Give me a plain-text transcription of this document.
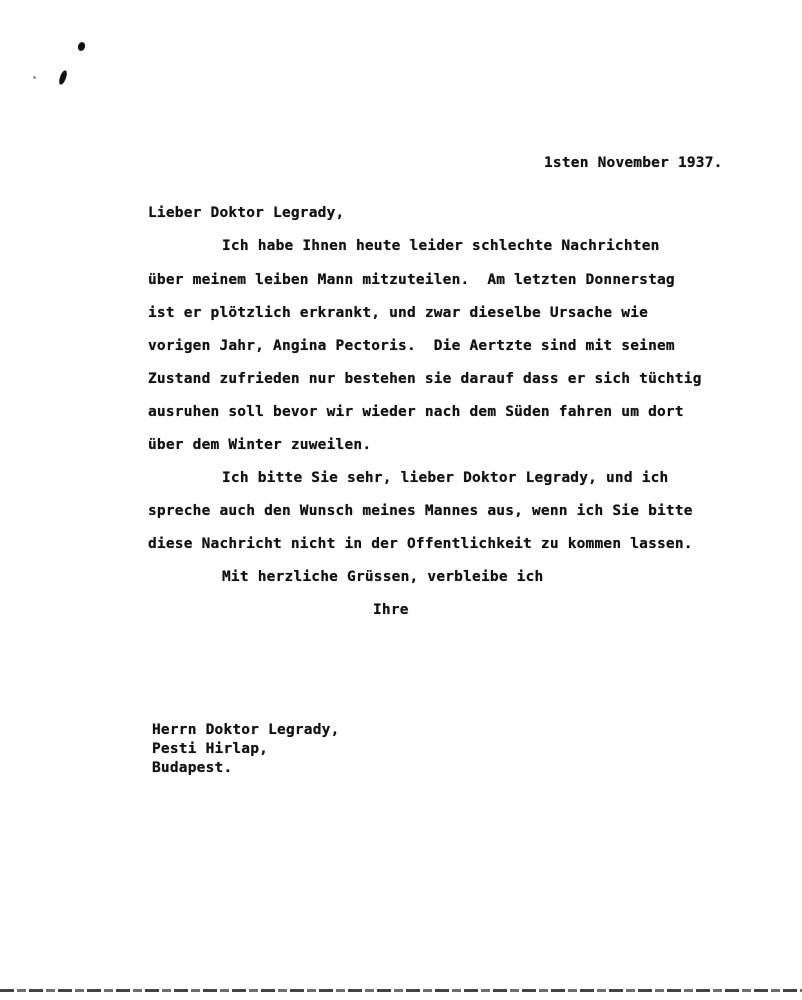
1sten November 1937.
Lieber Doktor Legrady,
Ich habe Ihnen heute leider schlechte Nachrichten
über meinem leiben Mann mitzuteilen.  Am letzten Donnerstag
ist er plötzlich erkrankt, und zwar dieselbe Ursache wie
vorigen Jahr, Angina Pectoris.  Die Aertzte sind mit seinem
Zustand zufrieden nur bestehen sie darauf dass er sich tüchtig
ausruhen soll bevor wir wieder nach dem Süden fahren um dort
über dem Winter zuweilen.
Ich bitte Sie sehr, lieber Doktor Legrady, und ich
spreche auch den Wunsch meines Mannes aus, wenn ich Sie bitte
diese Nachricht nicht in der Offentlichkeit zu kommen lassen.
Mit herzliche Grüssen, verbleibe ich
Ihre
Herrn Doktor Legrady,
Pesti Hirlap,
Budapest.
